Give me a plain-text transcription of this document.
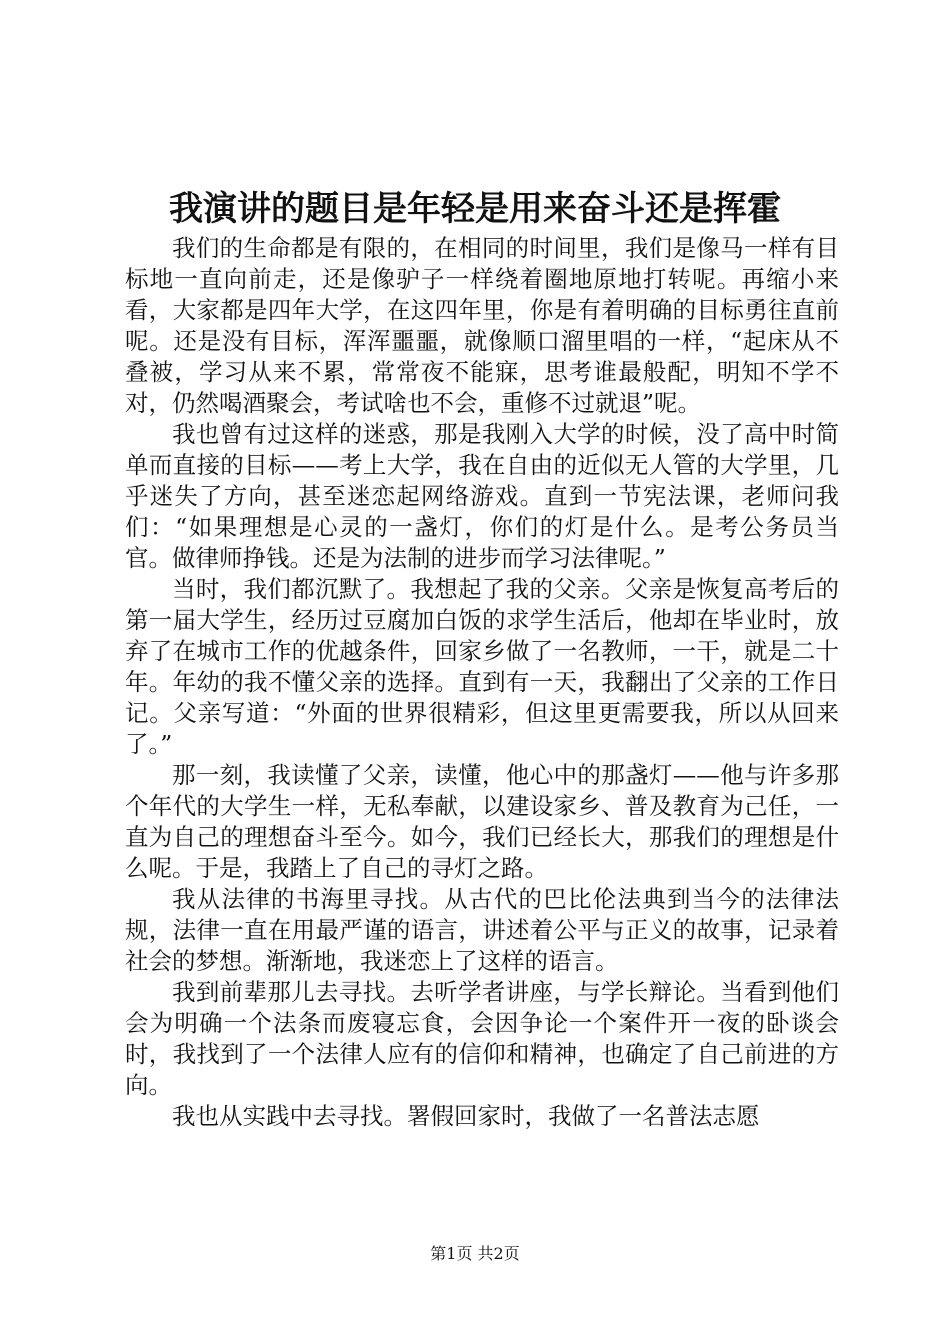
我演讲的题目是年轻是用来奋斗还是挥霍

我们的生命都是有限的，在相同的时间里，我们是像马一样有目标地一直向前走，还是像驴子一样绕着圈地原地打转呢。再缩小来看，大家都是四年大学，在这四年里，你是有着明确的目标勇往直前呢。还是没有目标，浑浑噩噩，就像顺口溜里唱的一样，“起床从不叠被，学习从来不累，常常夜不能寐，思考谁最般配，明知不学不对，仍然喝酒聚会，考试啥也不会，重修不过就退”呢。

我也曾有过这样的迷惑，那是我刚入大学的时候，没了高中时简单而直接的目标——考上大学，我在自由的近似无人管的大学里，几乎迷失了方向，甚至迷恋起网络游戏。直到一节宪法课，老师问我们：“如果理想是心灵的一盏灯，你们的灯是什么。是考公务员当官。做律师挣钱。还是为法制的进步而学习法律呢。”

当时，我们都沉默了。我想起了我的父亲。父亲是恢复高考后的第一届大学生，经历过豆腐加白饭的求学生活后，他却在毕业时，放弃了在城市工作的优越条件，回家乡做了一名教师，一干，就是二十年。年幼的我不懂父亲的选择。直到有一天，我翻出了父亲的工作日记。父亲写道：“外面的世界很精彩，但这里更需要我，所以从回来了。”

那一刻，我读懂了父亲，读懂，他心中的那盏灯——他与许多那个年代的大学生一样，无私奉献，以建设家乡、普及教育为己任，一直为自己的理想奋斗至今。如今，我们已经长大，那我们的理想是什么呢。于是，我踏上了自己的寻灯之路。

我从法律的书海里寻找。从古代的巴比伦法典到当今的法律法规，法律一直在用最严谨的语言，讲述着公平与正义的故事，记录着社会的梦想。渐渐地，我迷恋上了这样的语言。

我到前辈那儿去寻找。去听学者讲座，与学长辩论。当看到他们会为明确一个法条而废寝忘食，会因争论一个案件开一夜的卧谈会时，我找到了一个法律人应有的信仰和精神，也确定了自己前进的方向。

我也从实践中去寻找。署假回家时，我做了一名普法志愿

第1页 共2页
